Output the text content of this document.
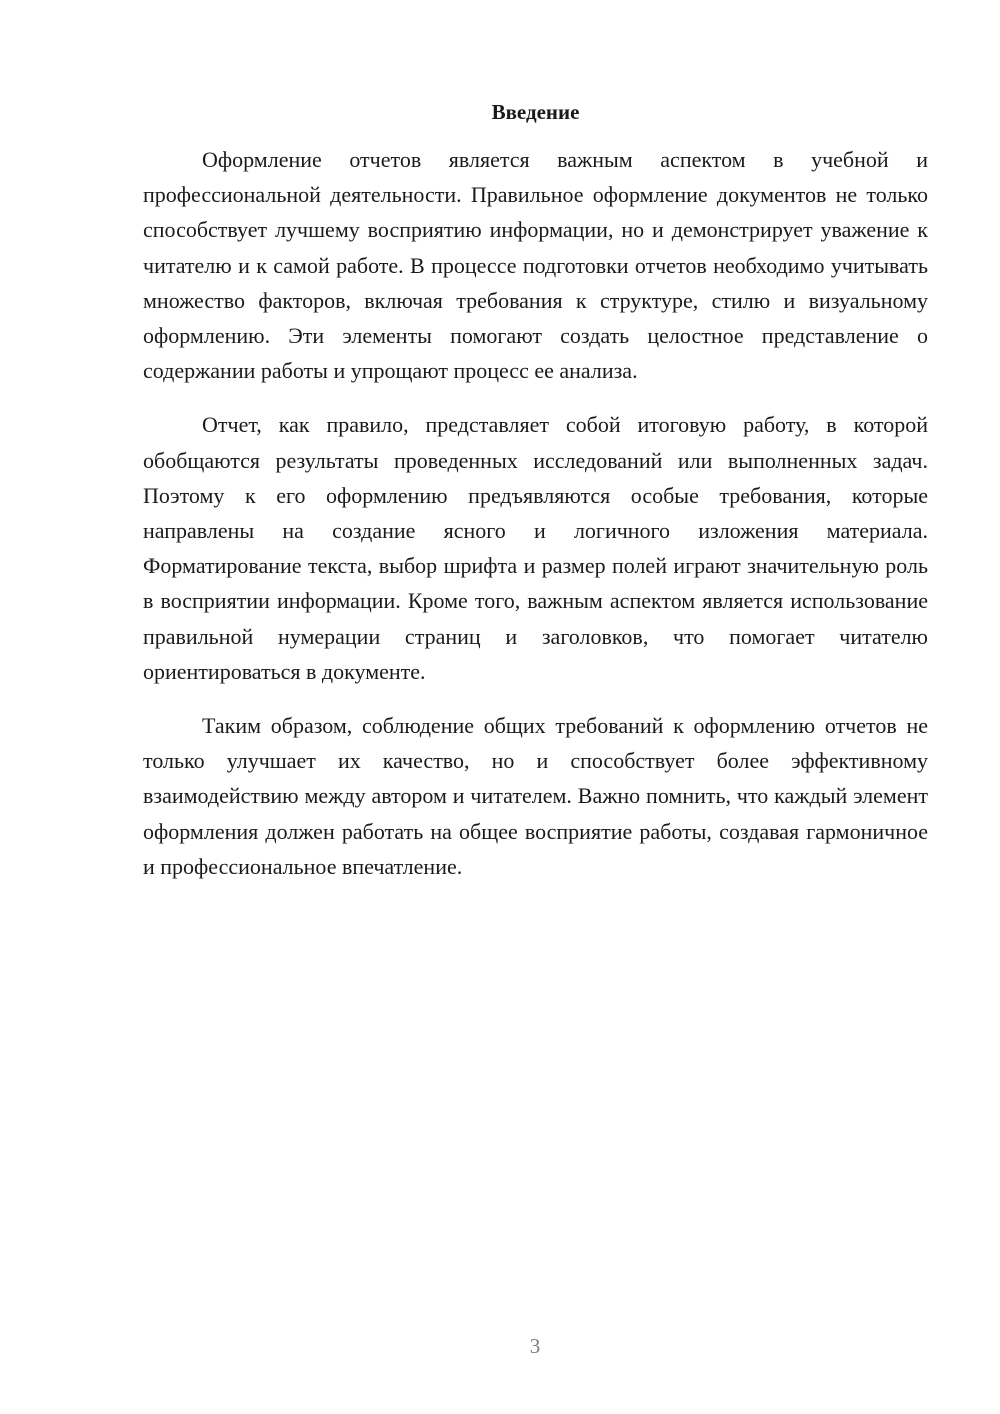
Введение

Оформление отчетов является важным аспектом в учебной и профессиональной деятельности. Правильное оформление документов не только способствует лучшему восприятию информации, но и демонстрирует уважение к читателю и к самой работе. В процессе подготовки отчетов необходимо учитывать множество факторов, включая требования к структуре, стилю и визуальному оформлению. Эти элементы помогают создать целостное представление о содержании работы и упрощают процесс ее анализа.

Отчет, как правило, представляет собой итоговую работу, в которой обобщаются результаты проведенных исследований или выполненных задач. Поэтому к его оформлению предъявляются особые требования, которые направлены на создание ясного и логичного изложения материала. Форматирование текста, выбор шрифта и размер полей играют значительную роль в восприятии информации. Кроме того, важным аспектом является использование правильной нумерации страниц и заголовков, что помогает читателю ориентироваться в документе.

Таким образом, соблюдение общих требований к оформлению отчетов не только улучшает их качество, но и способствует более эффективному взаимодействию между автором и читателем. Важно помнить, что каждый элемент оформления должен работать на общее восприятие работы, создавая гармоничное и профессиональное впечатление.

3
